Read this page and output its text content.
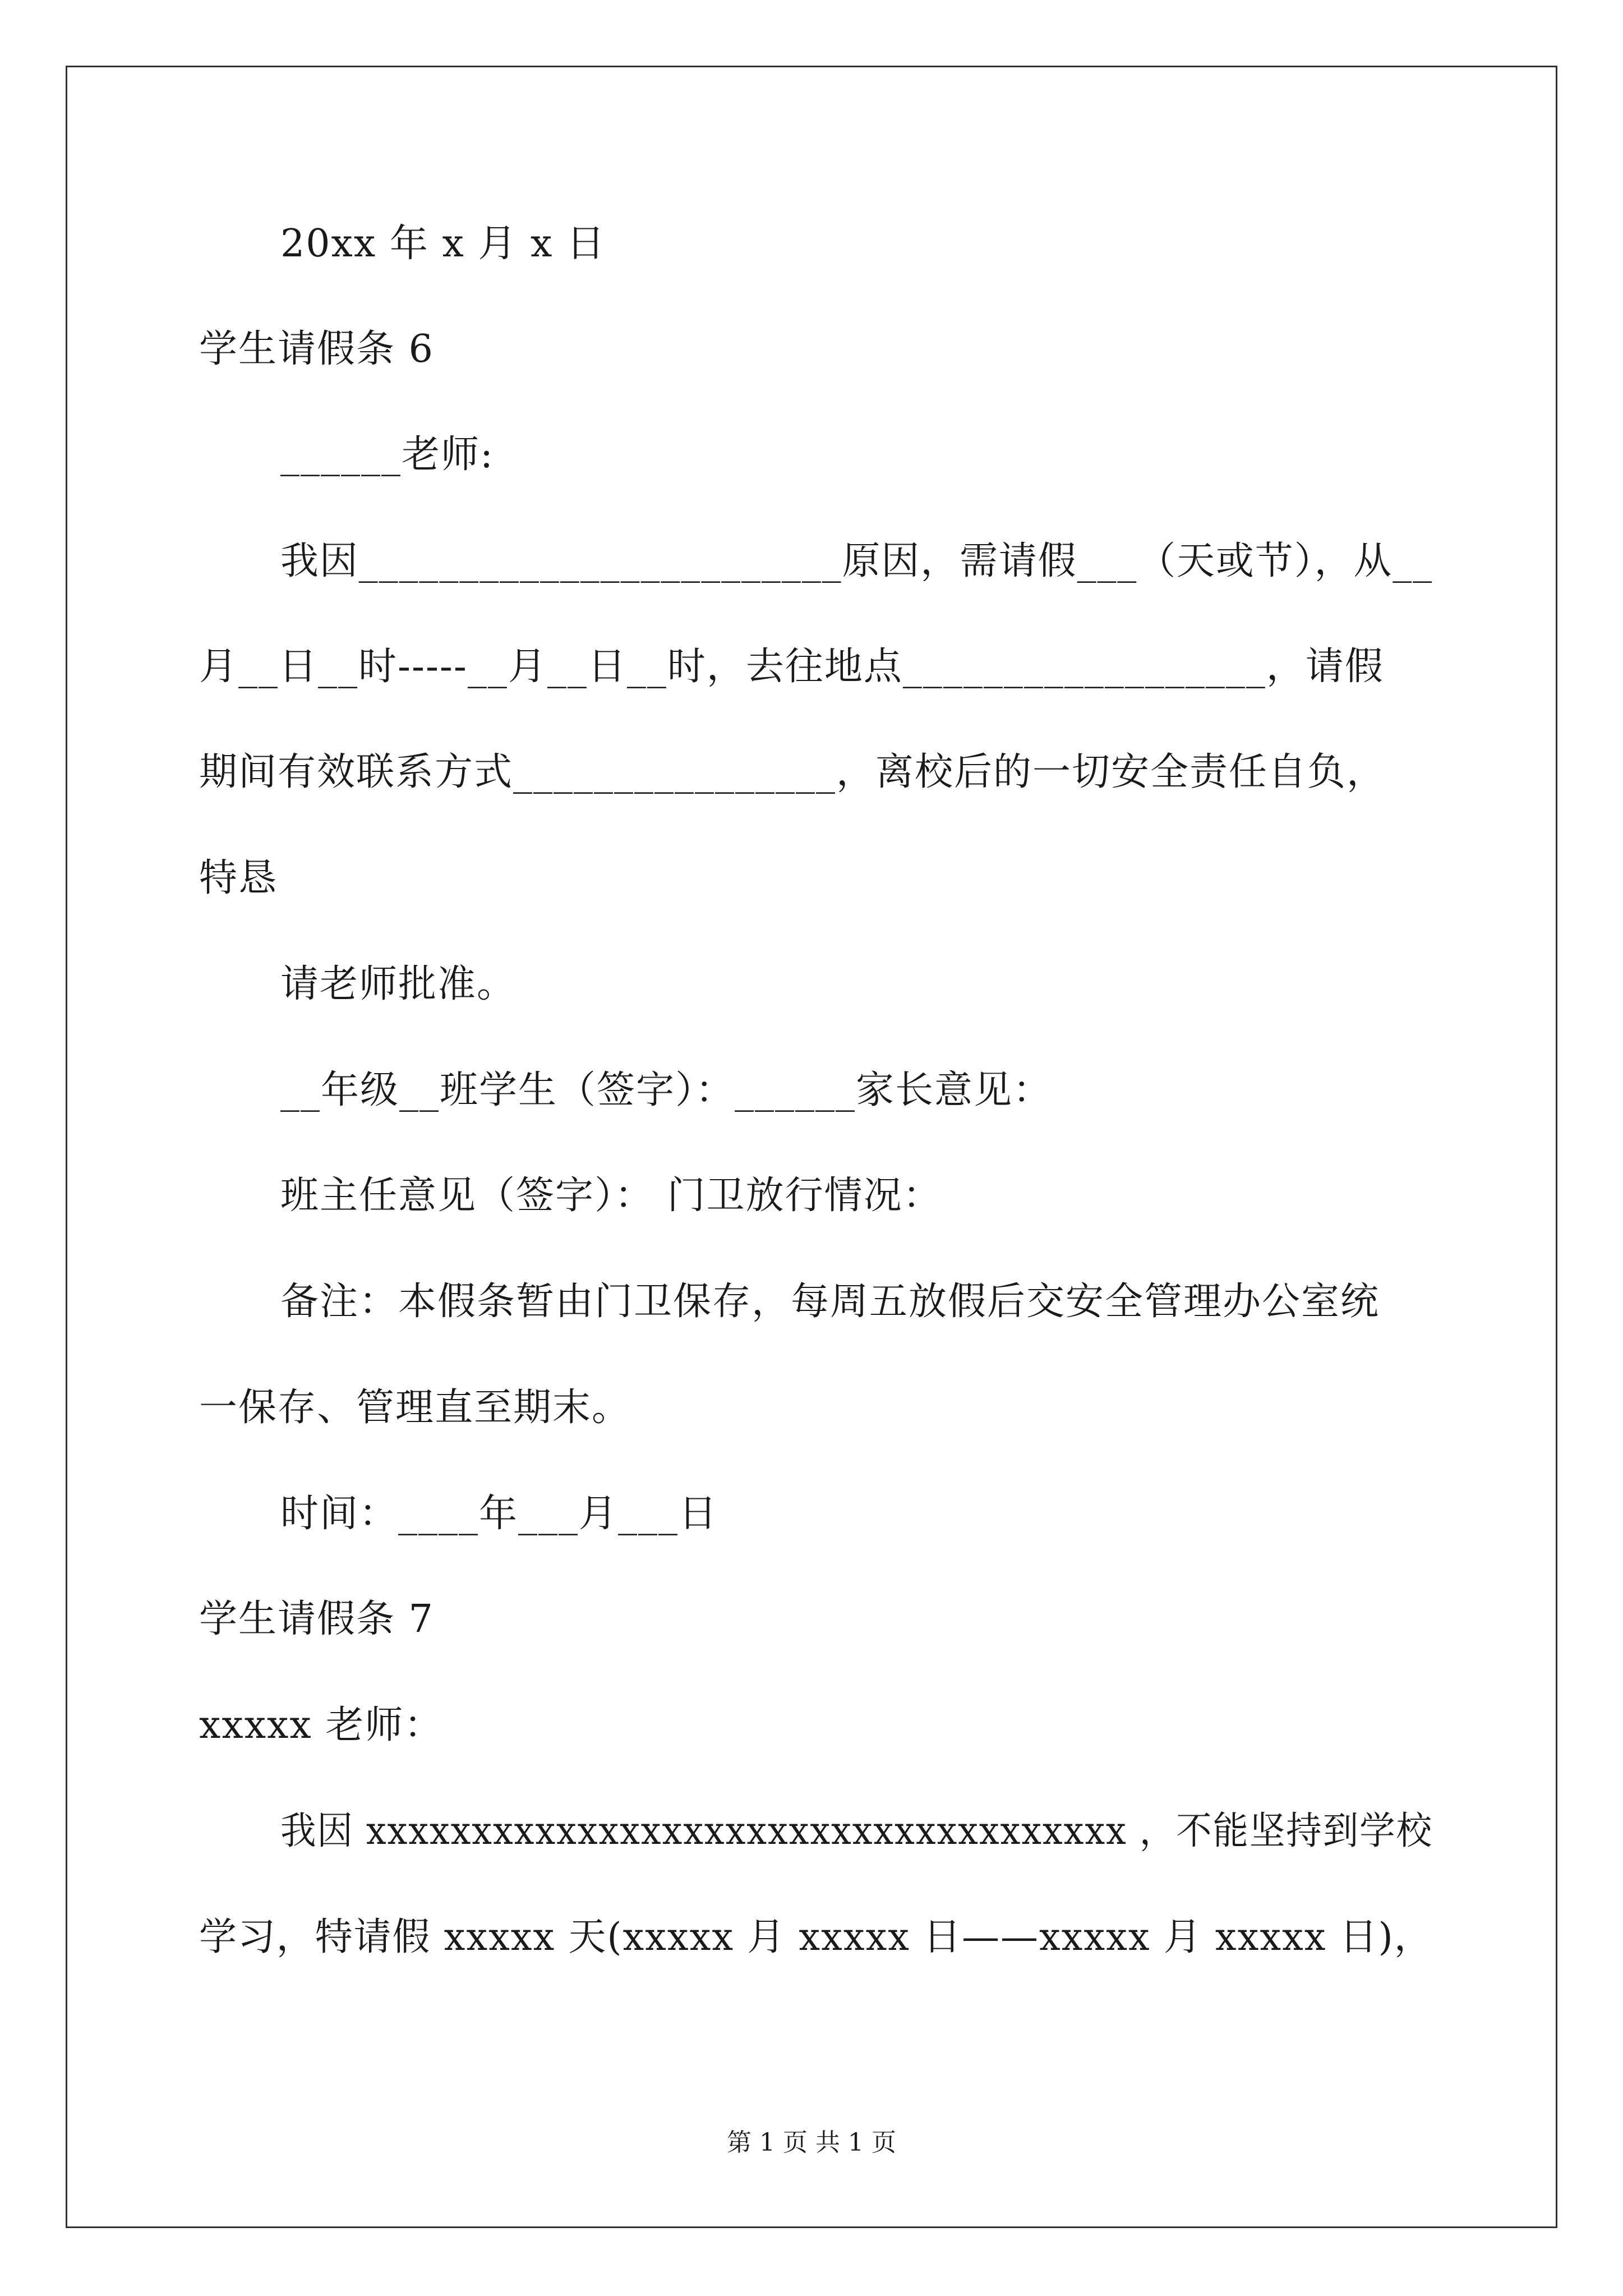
20xx 年 x 月 x 日
学生请假条 6
______老师:
我因________________________原因，需请假___（天或节），从__
月__日__时-----__月__日__时，去往地点__________________，请假
期间有效联系方式________________，离校后的一切安全责任自负，
特恳
请老师批准。
__年级__班学生（签字）：______家长意见：
班主任意见（签字）： 门卫放行情况：
备注：本假条暂由门卫保存，每周五放假后交安全管理办公室统
一保存、管理直至期末。
时间：____年___月___日
学生请假条 7
xxxxx 老师：
我因 xxxxxxxxxxxxxxxxxxxxxxxxxxxxxxxxxxxx ，不能坚持到学校
学习，特请假 xxxxx 天(xxxxx 月 xxxxx 日——xxxxx 月 xxxxx 日)，
第 1 页 共 1 页
